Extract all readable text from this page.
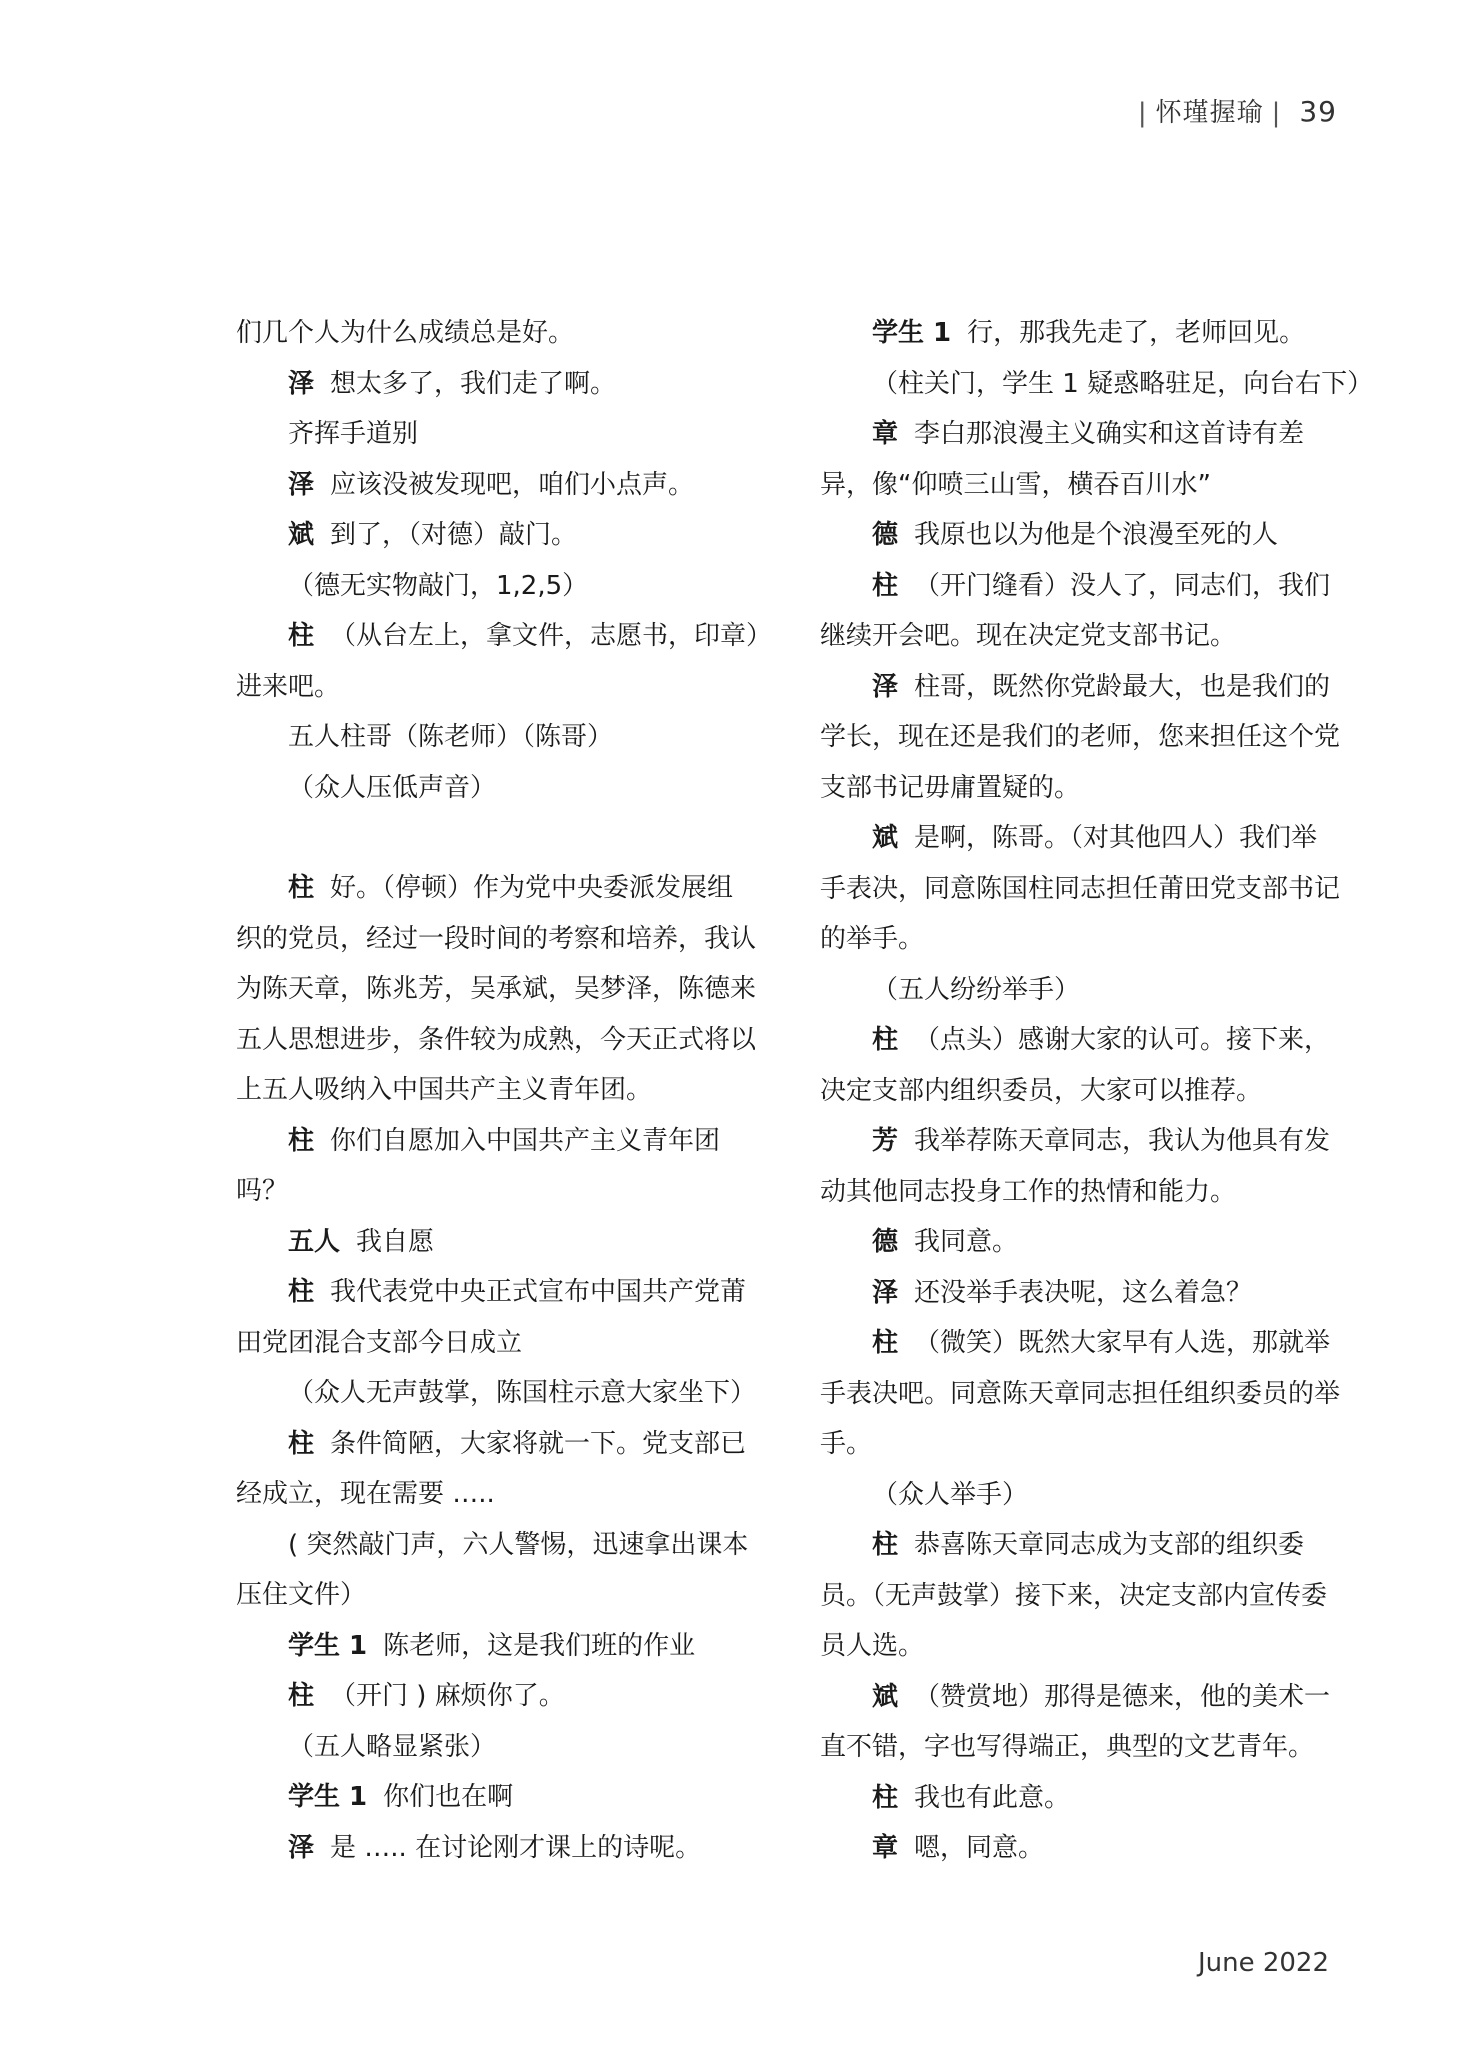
| 怀瑾握瑜 | 39
们几个人为什么成绩总是好。
泽 想太多了，我们走了啊。
齐挥手道别
泽 应该没被发现吧，咱们小点声。
斌 到了，（对德）敲门。
（德无实物敲门，1,2,5）
柱 （从台左上，拿文件，志愿书，印章）
进来吧。
五人柱哥（陈老师）（陈哥）
（众人压低声音）
柱 好。（停顿）作为党中央委派发展组
织的党员，经过一段时间的考察和培养，我认
为陈天章，陈兆芳，吴承斌，吴梦泽，陈德来
五人思想进步，条件较为成熟，今天正式将以
上五人吸纳入中国共产主义青年团。
柱 你们自愿加入中国共产主义青年团
吗？
五人 我自愿
柱 我代表党中央正式宣布中国共产党莆
田党团混合支部今日成立
（众人无声鼓掌，陈国柱示意大家坐下）
柱 条件简陋，大家将就一下。党支部已
经成立，现在需要 …..
( 突然敲门声，六人警惕，迅速拿出课本
压住文件）
学生 1 陈老师，这是我们班的作业
柱 （开门 ) 麻烦你了。
（五人略显紧张）
学生 1 你们也在啊
泽 是 ….. 在讨论刚才课上的诗呢。
学生 1 行，那我先走了，老师回见。
（柱关门，学生 1 疑惑略驻足，向台右下）
章 李白那浪漫主义确实和这首诗有差
异，像“仰喷三山雪，横吞百川水”
德 我原也以为他是个浪漫至死的人
柱 （开门缝看）没人了，同志们，我们
继续开会吧。现在决定党支部书记。
泽 柱哥，既然你党龄最大，也是我们的
学长，现在还是我们的老师，您来担任这个党
支部书记毋庸置疑的。
斌 是啊，陈哥。（对其他四人）我们举
手表决，同意陈国柱同志担任莆田党支部书记
的举手。
（五人纷纷举手）
柱 （点头）感谢大家的认可。接下来，
决定支部内组织委员，大家可以推荐。
芳 我举荐陈天章同志，我认为他具有发
动其他同志投身工作的热情和能力。
德 我同意。
泽 还没举手表决呢，这么着急？
柱 （微笑）既然大家早有人选，那就举
手表决吧。同意陈天章同志担任组织委员的举
手。
（众人举手）
柱 恭喜陈天章同志成为支部的组织委
员。（无声鼓掌）接下来，决定支部内宣传委
员人选。
斌 （赞赏地）那得是德来，他的美术一
直不错，字也写得端正，典型的文艺青年。
柱 我也有此意。
章 嗯，同意。
June 2022
